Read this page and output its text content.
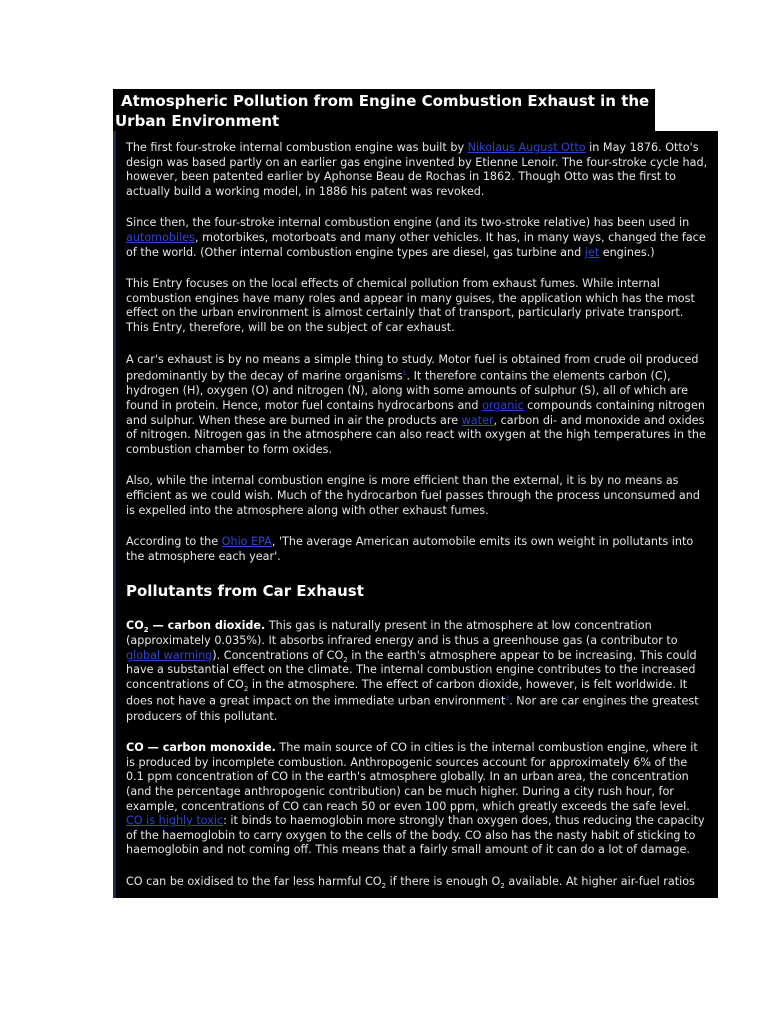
Atmospheric Pollution from Engine Combustion Exhaust in the Urban Environment

The first four-stroke internal combustion engine was built by Nikolaus August Otto in May 1876. Otto's design was based partly on an earlier gas engine invented by Etienne Lenoir. The four-stroke cycle had, however, been patented earlier by Aphonse Beau de Rochas in 1862. Though Otto was the first to actually build a working model, in 1886 his patent was revoked.

Since then, the four-stroke internal combustion engine (and its two-stroke relative) has been used in automobiles, motorbikes, motorboats and many other vehicles. It has, in many ways, changed the face of the world. (Other internal combustion engine types are diesel, gas turbine and jet engines.)

This Entry focuses on the local effects of chemical pollution from exhaust fumes. While internal combustion engines have many roles and appear in many guises, the application which has the most effect on the urban environment is almost certainly that of transport, particularly private transport. This Entry, therefore, will be on the subject of car exhaust.

A car's exhaust is by no means a simple thing to study. Motor fuel is obtained from crude oil produced predominantly by the decay of marine organisms$^1$. It therefore contains the elements carbon (C), hydrogen (H), oxygen (O) and nitrogen (N), along with some amounts of sulphur (S), all of which are found in protein. Hence, motor fuel contains hydrocarbons and organic compounds containing nitrogen and sulphur. When these are burned in air the products are water, carbon di- and monoxide and oxides of nitrogen. Nitrogen gas in the atmosphere can also react with oxygen at the high temperatures in the combustion chamber to form oxides.

Also, while the internal combustion engine is more efficient than the external, it is by no means as efficient as we could wish. Much of the hydrocarbon fuel passes through the process unconsumed and is expelled into the atmosphere along with other exhaust fumes.

According to the Ohio EPA, 'The average American automobile emits its own weight in pollutants into the atmosphere each year'.

Pollutants from Car Exhaust

$CO_2$ — carbon dioxide. This gas is naturally present in the atmosphere at low concentration (approximately 0.035%). It absorbs infrared energy and is thus a greenhouse gas (a contributor to global warming). Concentrations of $CO_2$ in the earth's atmosphere appear to be increasing. This could have a substantial effect on the climate. The internal combustion engine contributes to the increased concentrations of $CO_2$ in the atmosphere. The effect of carbon dioxide, however, is felt worldwide. It does not have a great impact on the immediate urban environment$^2$. Nor are car engines the greatest producers of this pollutant.

CO — carbon monoxide. The main source of CO in cities is the internal combustion engine, where it is produced by incomplete combustion. Anthropogenic sources account for approximately 6% of the 0.1 ppm concentration of CO in the earth's atmosphere globally. In an urban area, the concentration (and the percentage anthropogenic contribution) can be much higher. During a city rush hour, for example, concentrations of CO can reach 50 or even 100 ppm, which greatly exceeds the safe level. CO is highly toxic: it binds to haemoglobin more strongly than oxygen does, thus reducing the capacity of the haemoglobin to carry oxygen to the cells of the body. CO also has the nasty habit of sticking to haemoglobin and not coming off. This means that a fairly small amount of it can do a lot of damage.

CO can be oxidised to the far less harmful $CO_2$ if there is enough $O_2$ available. At higher air-fuel ratios
